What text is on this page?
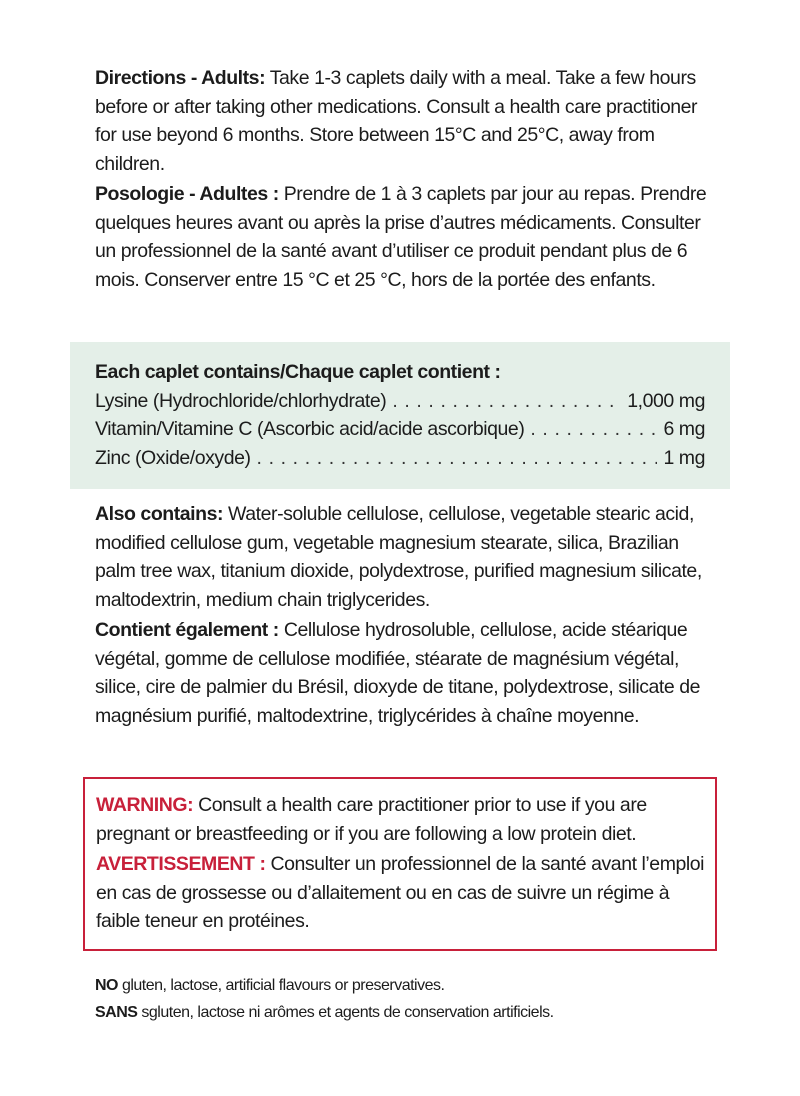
Directions - Adults: Take 1-3 caplets daily with a meal. Take a few hours before or after taking other medications. Consult a health care practitioner for use beyond 6 months. Store between 15°C and 25°C, away from children.

Posologie - Adultes : Prendre de 1 à 3 caplets par jour au repas. Prendre quelques heures avant ou après la prise d’autres médicaments. Consulter un professionnel de la santé avant d’utiliser ce produit pendant plus de 6 mois. Conserver entre 15 °C et 25 °C, hors de la portée des enfants.

Each caplet contains/Chaque caplet contient :
Lysine (Hydrochloride/chlorhydrate) . . .	1,000 mg
Vitamin/Vitamine C (Ascorbic acid/acide ascorbique) . . .	6 mg
Zinc (Oxide/oxyde) . . .	1 mg

Also contains: Water-soluble cellulose, cellulose, vegetable stearic acid, modified cellulose gum, vegetable magnesium stearate, silica, Brazilian palm tree wax, titanium dioxide, polydextrose, purified magnesium silicate, maltodextrin, medium chain triglycerides.

Contient également : Cellulose hydrosoluble, cellulose, acide stéarique végétal, gomme de cellulose modifiée, stéarate de magnésium végétal, silice, cire de palmier du Brésil, dioxyde de titane, polydextrose, silicate de magnésium purifié, maltodextrine, triglycérides à chaîne moyenne.

WARNING: Consult a health care practitioner prior to use if you are pregnant or breastfeeding or if you are following a low protein diet.

AVERTISSEMENT : Consulter un professionnel de la santé avant l’emploi en cas de grossesse ou d’allaitement ou en cas de suivre un régime à faible teneur en protéines.

NO gluten, lactose, artificial flavours or preservatives.
SANS sgluten, lactose ni arômes et agents de conservation artificiels.
